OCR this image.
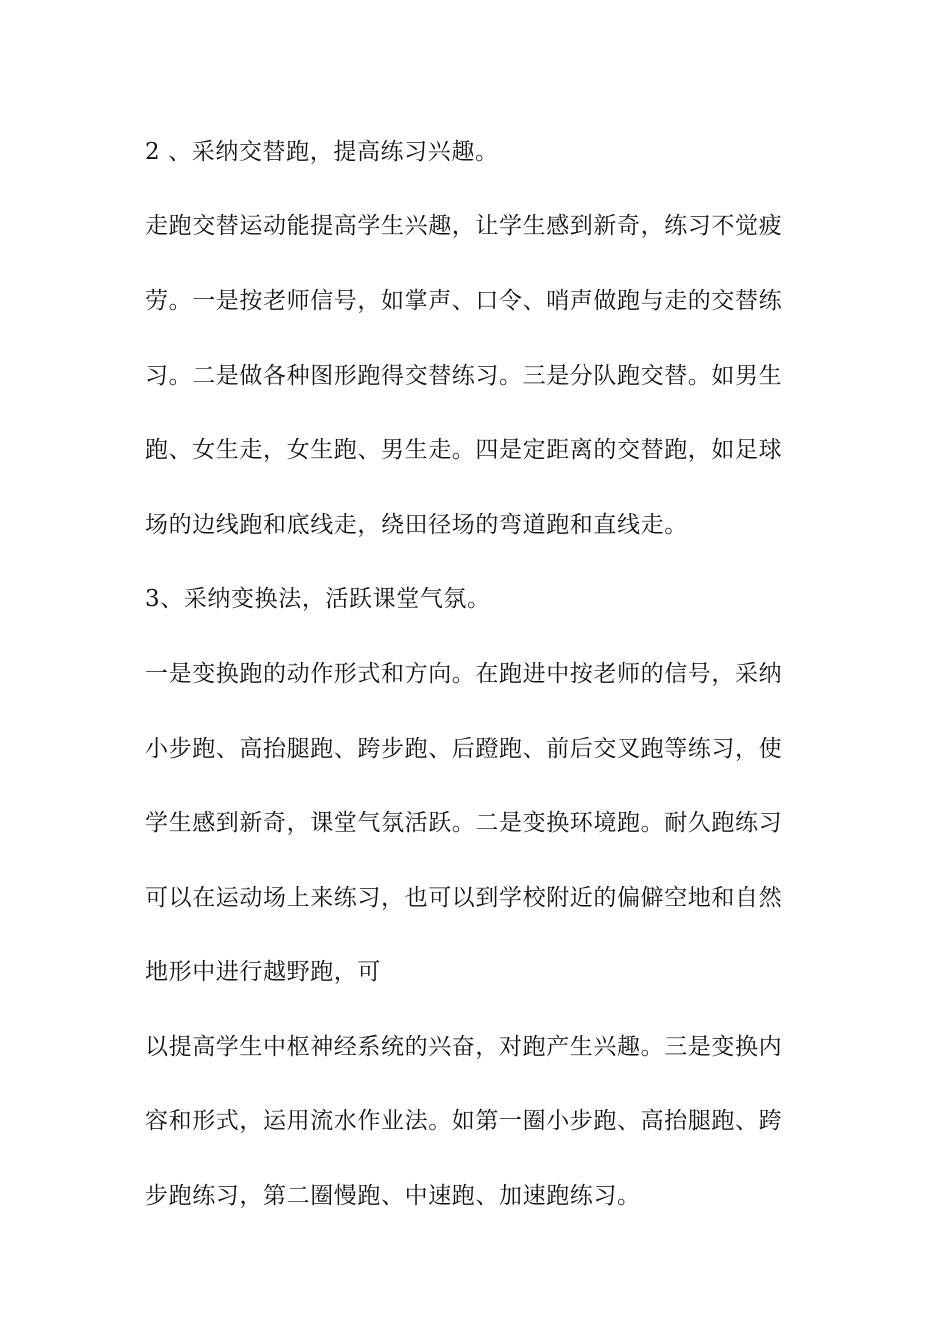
2 、采纳交替跑，提高练习兴趣。
走跑交替运动能提高学生兴趣，让学生感到新奇，练习不觉疲
劳。一是按老师信号，如掌声、口令、哨声做跑与走的交替练
习。二是做各种图形跑得交替练习。三是分队跑交替。如男生
跑、女生走，女生跑、男生走。四是定距离的交替跑，如足球
场的边线跑和底线走，绕田径场的弯道跑和直线走。
3、采纳变换法，活跃课堂气氛。
一是变换跑的动作形式和方向。在跑进中按老师的信号，采纳
小步跑、高抬腿跑、跨步跑、后蹬跑、前后交叉跑等练习，使
学生感到新奇，课堂气氛活跃。二是变换环境跑。耐久跑练习
可以在运动场上来练习，也可以到学校附近的偏僻空地和自然
地形中进行越野跑，可
以提高学生中枢神经系统的兴奋，对跑产生兴趣。三是变换内
容和形式，运用流水作业法。如第一圈小步跑、高抬腿跑、跨
步跑练习，第二圈慢跑、中速跑、加速跑练习。
